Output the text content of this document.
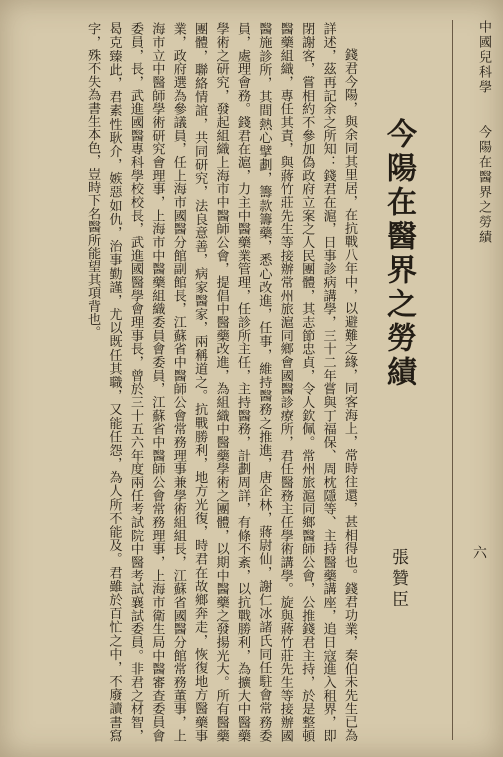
中國兒科學今陽在醫界之勞績
六
今陽在醫界之勞績
張贊臣

錢君今陽，與余同其里居，在抗戰八年中，以避難之緣，同客海上，常時往還，甚相得也。錢君功業，秦伯未先生已為詳述，茲再記余之所知：錢君在滬，日事診病講學，三十二年嘗與丁福保、周枕隱等、主持醫藥講座，追日寇進入租界，即閉謝客，嘗相約不參加偽政府立案之人民團體，其志節忠貞，令人欽佩。常州旅滬同鄉醫師公會，公推錢君主持，於是整頓醫藥組織，專任其責，與蔣竹莊先生等接辦常州旅滬同鄉會國醫診療所，君任醫務主任學術講學。旋與蔣竹莊先生等接辦國醫施診所，其間熱心擘劃，籌款籌藥，悉心改進，任事，維持醫務之推進，唐企林，蔣尉仙，謝仁冰諸氏同任駐會常務委員，處理會務。錢君在滬，力主中醫藥業管理，任診所主任，主持醫務，計劃周詳，有條不紊，以抗戰勝利，為擴大中醫藥學術之研究，發起組織上海市中醫師公會，提倡中醫藥改進，為組織中醫藥學術之團體，以期中醫藥之發揚光大。所有醫藥團體，聯絡情誼，共同研究，法良意善，病家醫家，兩稱道之。抗戰勝利，地方光復，時君在故鄉奔走，恢復地方醫藥事業，政府選為參議員，任上海市國醫分館副館長，江蘇省中醫師公會常務理事兼學術組組長，江蘇省國醫分館常務董事，上海市立中醫師學術研究會理事，上海市中醫藥組織委員會委員，江蘇省中醫師公會常務理事，上海市衛生局中醫審查委員會委員，長，武進國醫專科學校校長，武進國醫學會理事長，曾於三十五六年度兩任考試院中醫考試襄試委員。非君之材智，曷克臻此，君素性耿介，嫉惡如仇，治事勤謹，尤以既任其職，又能任怨，為人所不能及。君雖於百忙之中，不廢讀書寫字，殊不失為書生本色，豈時下名醫所能望其項背也。
